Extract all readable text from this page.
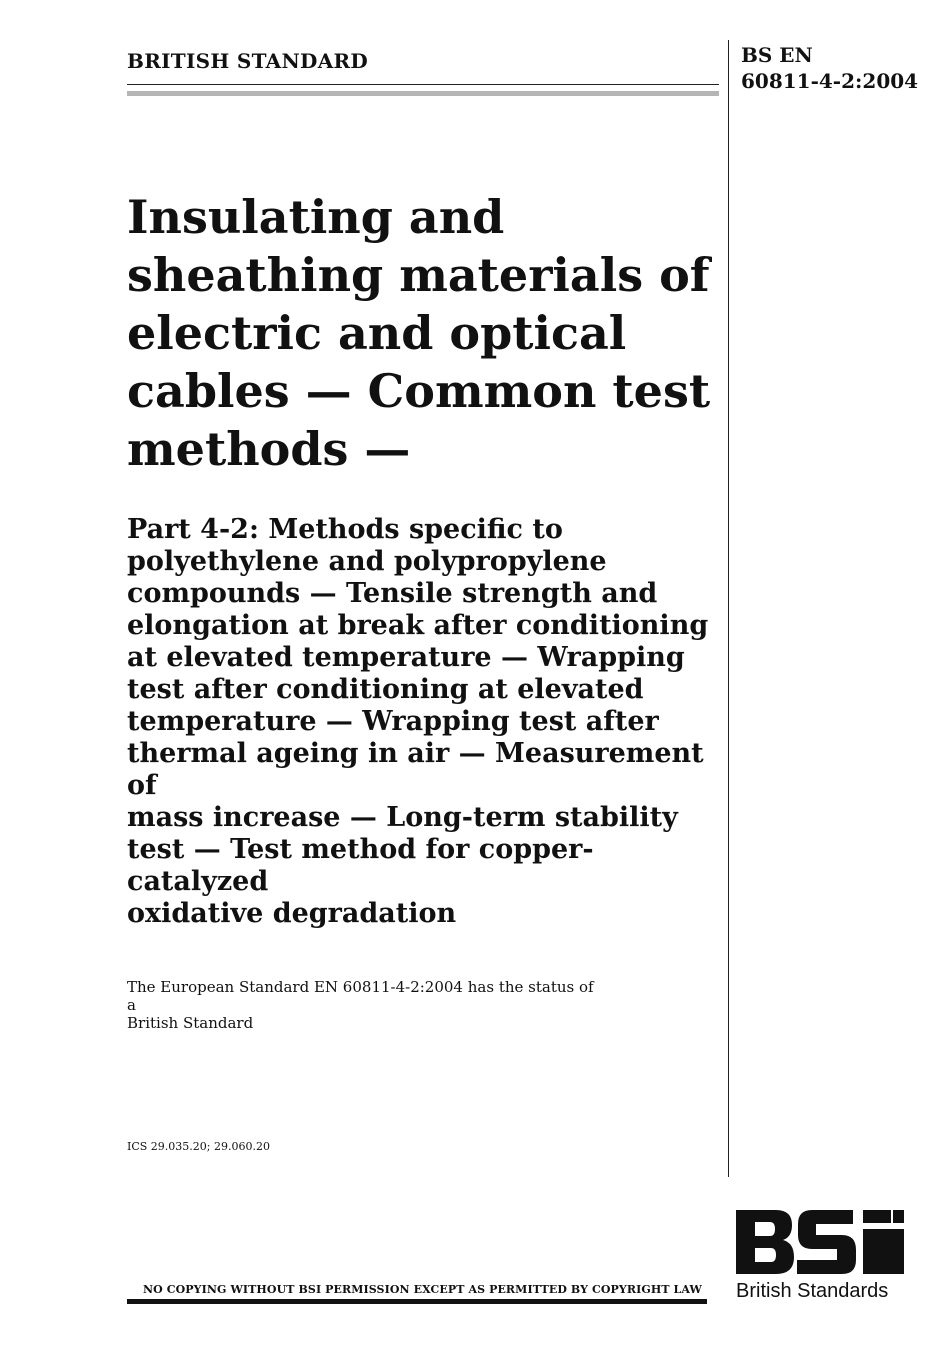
BRITISH STANDARD	BS EN
60811-4-2:2004
Insulating and
sheathing materials of
electric and optical
cables — Common test
methods —
Part 4-2: Methods specific to
polyethylene and polypropylene
compounds — Tensile strength and
elongation at break after conditioning
at elevated temperature — Wrapping
test after conditioning at elevated
temperature — Wrapping test after
thermal ageing in air — Measurement of
mass increase — Long-term stability
test — Test method for copper-catalyzed
oxidative degradation
The European Standard EN 60811-4-2:2004 has the status of a
British Standard
ICS 29.035.20; 29.060.20
NO COPYING WITHOUT BSI PERMISSION EXCEPT AS PERMITTED BY COPYRIGHT LAW British Standards
